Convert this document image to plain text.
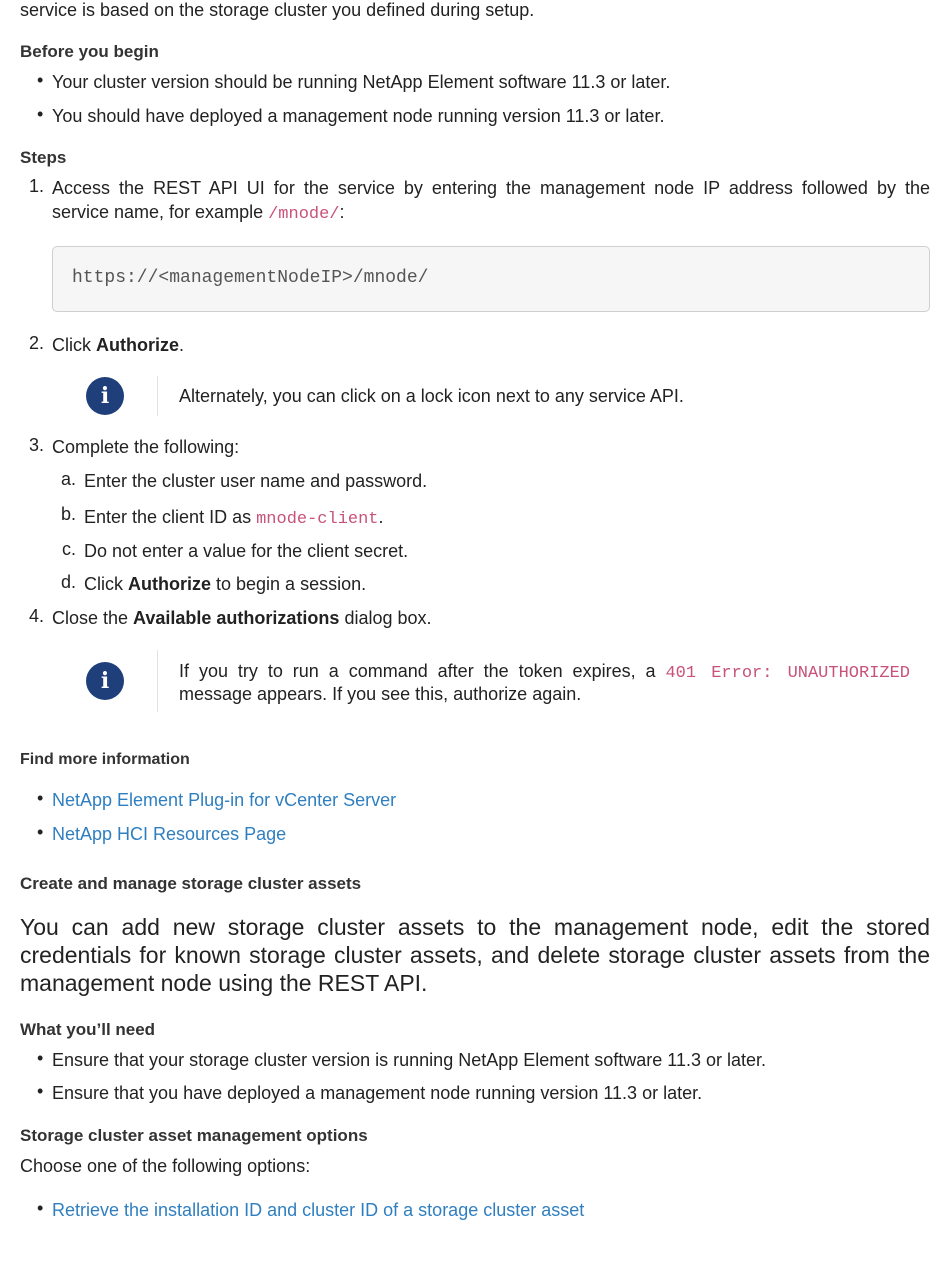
service is based on the storage cluster you defined during setup.
Before you begin
• Your cluster version should be running NetApp Element software 11.3 or later.
• You should have deployed a management node running version 11.3 or later.
Steps
1. Access the REST API UI for the service by entering the management node IP address followed by the
service name, for example /mnode/:
https://<managementNodeIP>/mnode/
2. Click Authorize.
i	Alternately, you can click on a lock icon next to any service API.
3. Complete the following:
a. Enter the cluster user name and password.
b. Enter the client ID as mnode-client.
c. Do not enter a value for the client secret.
d. Click Authorize to begin a session.
4. Close the Available authorizations dialog box.
i	If you try to run a command after the token expires, a 401 Error: UNAUTHORIZED
message appears. If you see this, authorize again.
Find more information
• NetApp Element Plug-in for vCenter Server
• NetApp HCI Resources Page
Create and manage storage cluster assets
You can add new storage cluster assets to the management node, edit the stored
credentials for known storage cluster assets, and delete storage cluster assets from the
management node using the REST API.
What you’ll need
• Ensure that your storage cluster version is running NetApp Element software 11.3 or later.
• Ensure that you have deployed a management node running version 11.3 or later.
Storage cluster asset management options
Choose one of the following options:
• Retrieve the installation ID and cluster ID of a storage cluster asset
